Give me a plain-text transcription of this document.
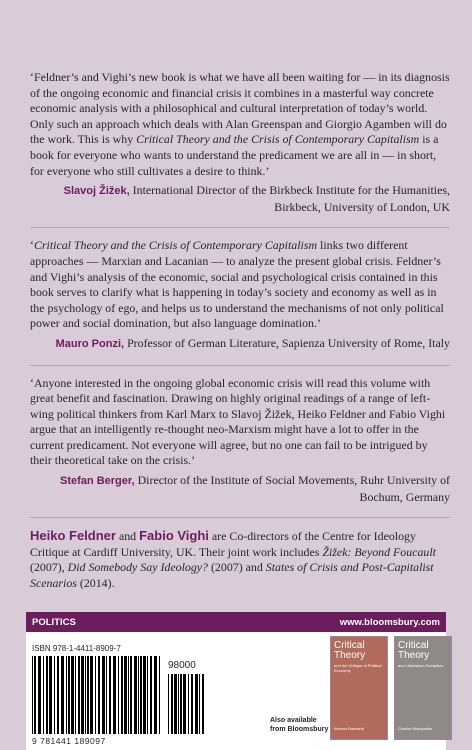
‘Feldner’s and Vighi’s new book is what we have all been waiting for — in its diagnosis of the ongoing economic and financial crisis it combines in a masterful way concrete economic analysis with a philosophical and cultural interpretation of today’s world. Only such an approach which deals with Alan Greenspan and Giorgio Agamben will do the work. This is why Critical Theory and the Crisis of Contemporary Capitalism is a book for everyone who wants to understand the predicament we are all in — in short, for everyone who still cultivates a desire to think.’

Slavoj Žižek, International Director of the Birkbeck Institute for the Humanities, Birkbeck, University of London, UK

‘Critical Theory and the Crisis of Contemporary Capitalism links two different approaches — Marxian and Lacanian — to analyze the present global crisis. Feldner’s and Vighi’s analysis of the economic, social and psychological crisis contained in this book serves to clarify what is happening in today’s society and economy as well as in the psychology of ego, and helps us to understand the mechanisms of not only political power and social domination, but also language domination.’

Mauro Ponzi, Professor of German Literature, Sapienza University of Rome, Italy

‘Anyone interested in the ongoing global economic crisis will read this volume with great benefit and fascination. Drawing on highly original readings of a range of left-wing political thinkers from Karl Marx to Slavoj Žižek, Heiko Feldner and Fabio Vighi argue that an intelligently re-thought neo-Marxism might have a lot to offer in the current predicament. Not everyone will agree, but no one can fail to be intrigued by their theoretical take on the crisis.’

Stefan Berger, Director of the Institute of Social Movements, Ruhr University of Bochum, Germany

Heiko Feldner and Fabio Vighi are Co-directors of the Centre for Ideology Critique at Cardiff University, UK. Their joint work includes Žižek: Beyond Foucault (2007), Did Somebody Say Ideology? (2007) and States of Crisis and Post-Capitalist Scenarios (2014).

POLITICS	www.bloomsbury.com
ISBN 978-1-4411-8909-7
98000
9 781441 189097
Also available
from Bloomsbury
Critical Theory
and the Critique of Political Economy
Werner Bonefeld
Critical Theory
and Libertarian Socialism
Charles Masquelier
